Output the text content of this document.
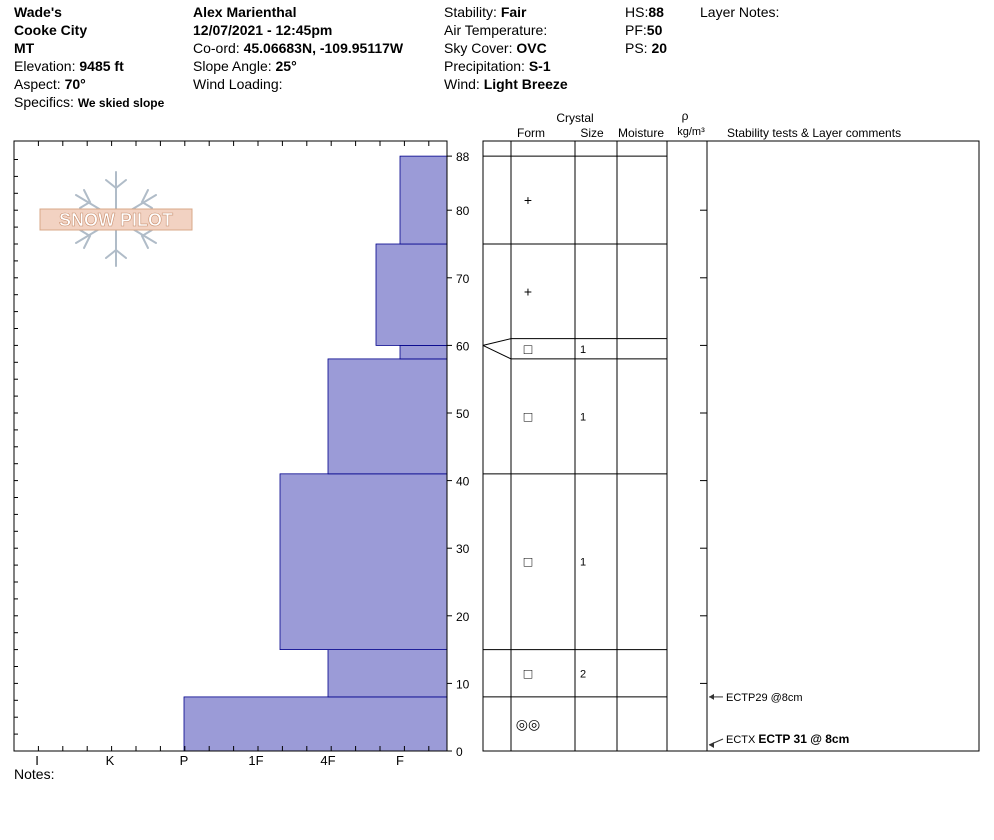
Wade's
Cooke City
MT
Elevation: 9485 ft
Aspect: 70°
Specifics: We skied slope
Alex Marienthal
12/07/2021 - 12:45pm
Co-ord: 45.06683N, -109.95117W
Slope Angle: 25°
Wind Loading:
Stability: Fair
Air Temperature:
Sky Cover: OVC
Precipitation: S-1
Wind: Light Breeze
HS:88
PF:50
PS: 20
Layer Notes:
SNOW PILOT
I	K	P	1F	4F	F
0
10
20
30
40
50
60
70
80
88
Crystal
Form	Size Moisture
ρ
kg/m³ Stability tests & Layer comments
+
+
□	1
□	1
□	1
□	2
◎◎
ECTP29 @8cm
ECTX ECTP 31 @ 8cm
Notes:
